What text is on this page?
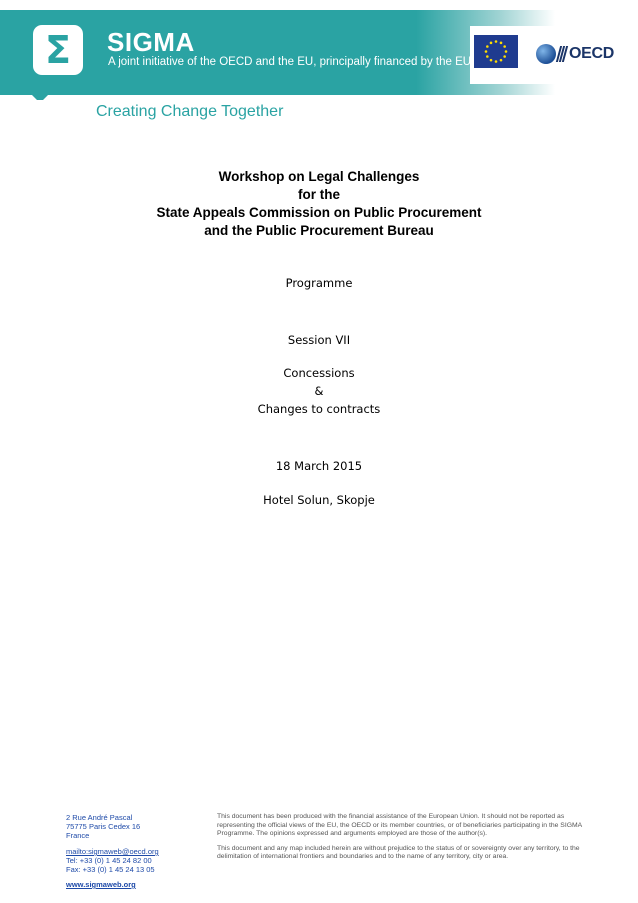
Σ SIGMA
A joint initiative of the OECD and the EU, principally financed by the EU	OECD
Creating Change Together
Workshop on Legal Challenges
for the
State Appeals Commission on Public Procurement
and the Public Procurement Bureau
Programme
Session VII
Concessions
&
Changes to contracts
18 March 2015
Hotel Solun, Skopje
2 Rue André Pascal
75775 Paris Cedex 16
France
mailto:sigmaweb@oecd.org
Tel: +33 (0) 1 45 24 82 00
Fax: +33 (0) 1 45 24 13 05
www.sigmaweb.org

This document has been produced with the financial assistance of the European Union. It should not be reported as representing the official views of the EU, the OECD or its member countries, or of beneficiaries participating in the SIGMA Programme. The opinions expressed and arguments employed are those of the author(s).

This document and any map included herein are without prejudice to the status of or sovereignty over any territory, to the delimitation of international frontiers and boundaries and to the name of any territory, city or area.
